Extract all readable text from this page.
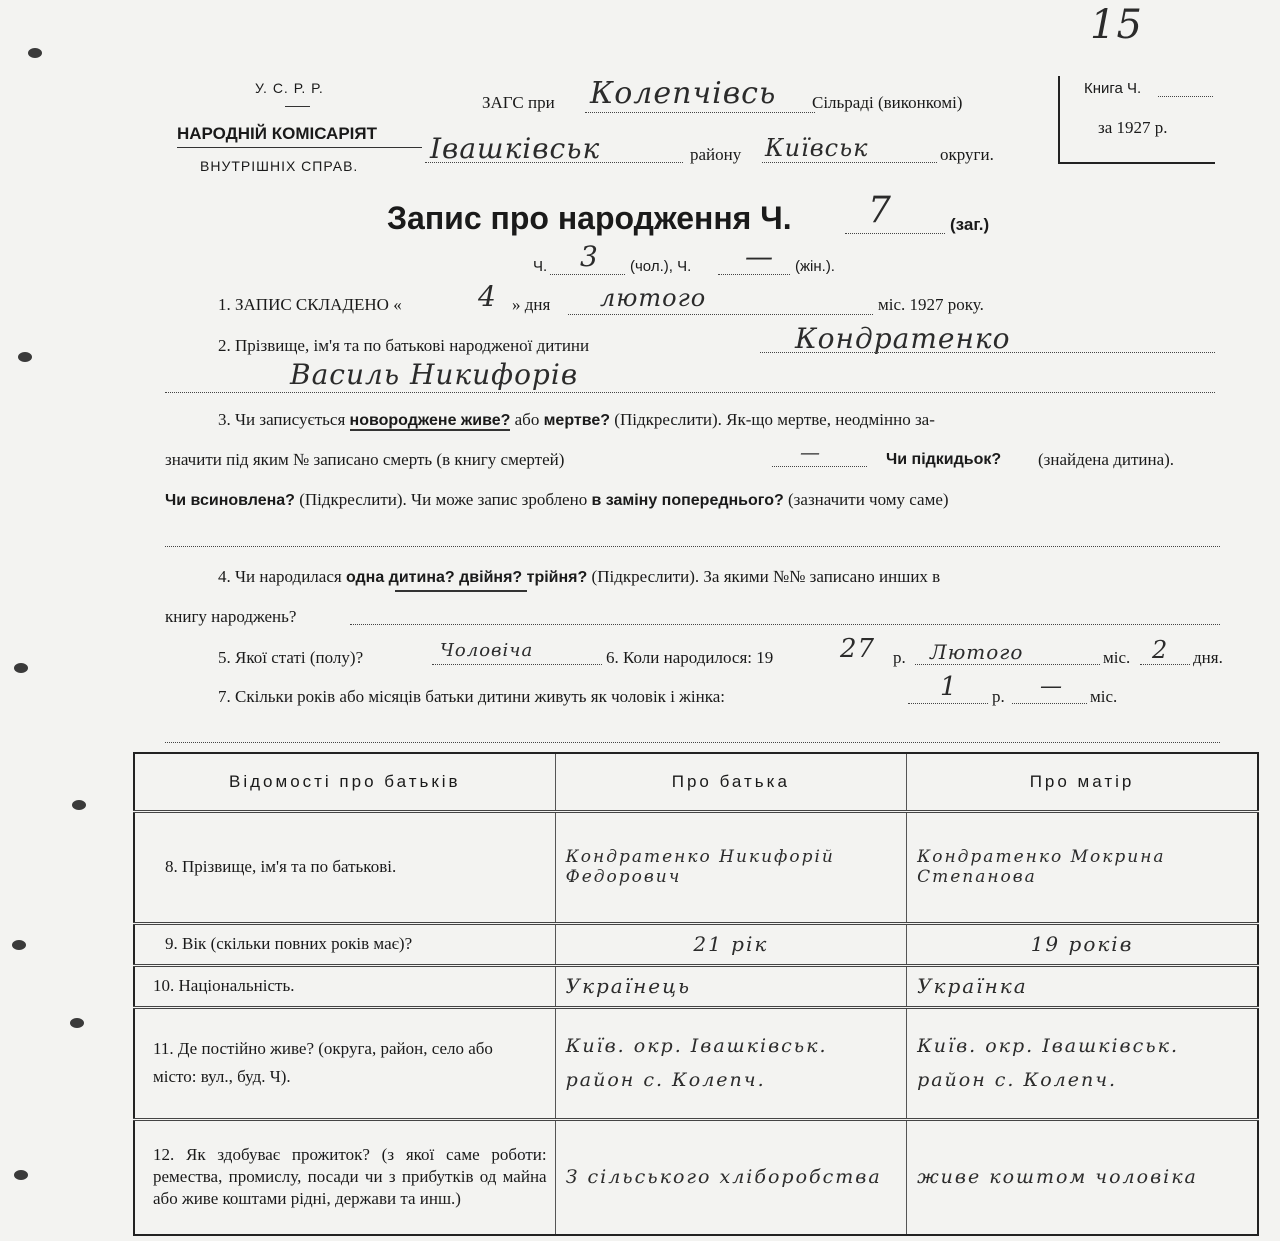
15
У. С. Р. Р.
НАРОДНІЙ КОМІСАРІЯТ
ВНУТРІШНІХ СПРАВ.
ЗАГС при Колепчівсь Сільраді (виконкомі)
Івашківськ	району Київськ	округи.
Книга Ч.
за 1927 р.
Запис про народження Ч. 7	(заг.)
Ч. 3 (чол.), Ч. — (жін.).
1. ЗАПИС СКЛАДЕНО «	4 » дня лютого	міс. 1927 року.
2. Прізвище, ім'я та по батькові народженої дитини	Кондратенко
Василь Никифорів
3. Чи записується новороджене живе? або мертве? (Підкреслити). Як-що мертве, неодмінно за-
значити під яким № записано смерть (в книгу смертей)	—	Чи підкидьок? (знайдена дитина).
Чи всиновлена? (Підкреслити). Чи може запис зроблено в заміну попереднього? (зазначити чому саме)
4. Чи народилася одна дитина? двійня? трійня? (Підкреслити). За якими №№ записано инших в
книгу народжень?
5. Якої статі (полу)?	Чоловіча	6. Коли народилося: 19	27 р. Лютого	міс. 2 дня.
7. Скільки років або місяців батьки дитини живуть як чоловік і жінка:	1 р. — міс.
Відомості про батьків	Про батька	Про матір
8. Прізвище, ім'я та по батькові.	Кондратенко Никифорій Федорович	Кондратенко Мокрина Степанова
9. Вік (скільки повних років має)?	21 рік	19 років
10. Національність.	Українець	Українка
11. Де постійно живе? (округа, район, село або місто: вул., буд. Ч).	Київ. окр. Івашківськ. район с. Колепч.	Київ. окр. Івашківськ. район с. Колепч.
12. Як здобуває прожиток? (з якої саме роботи: ремества, промислу, посади чи з прибутків од майна або живе коштами рідні, держави та инш.)	З сільського хліборобства	живе коштом чоловіка
